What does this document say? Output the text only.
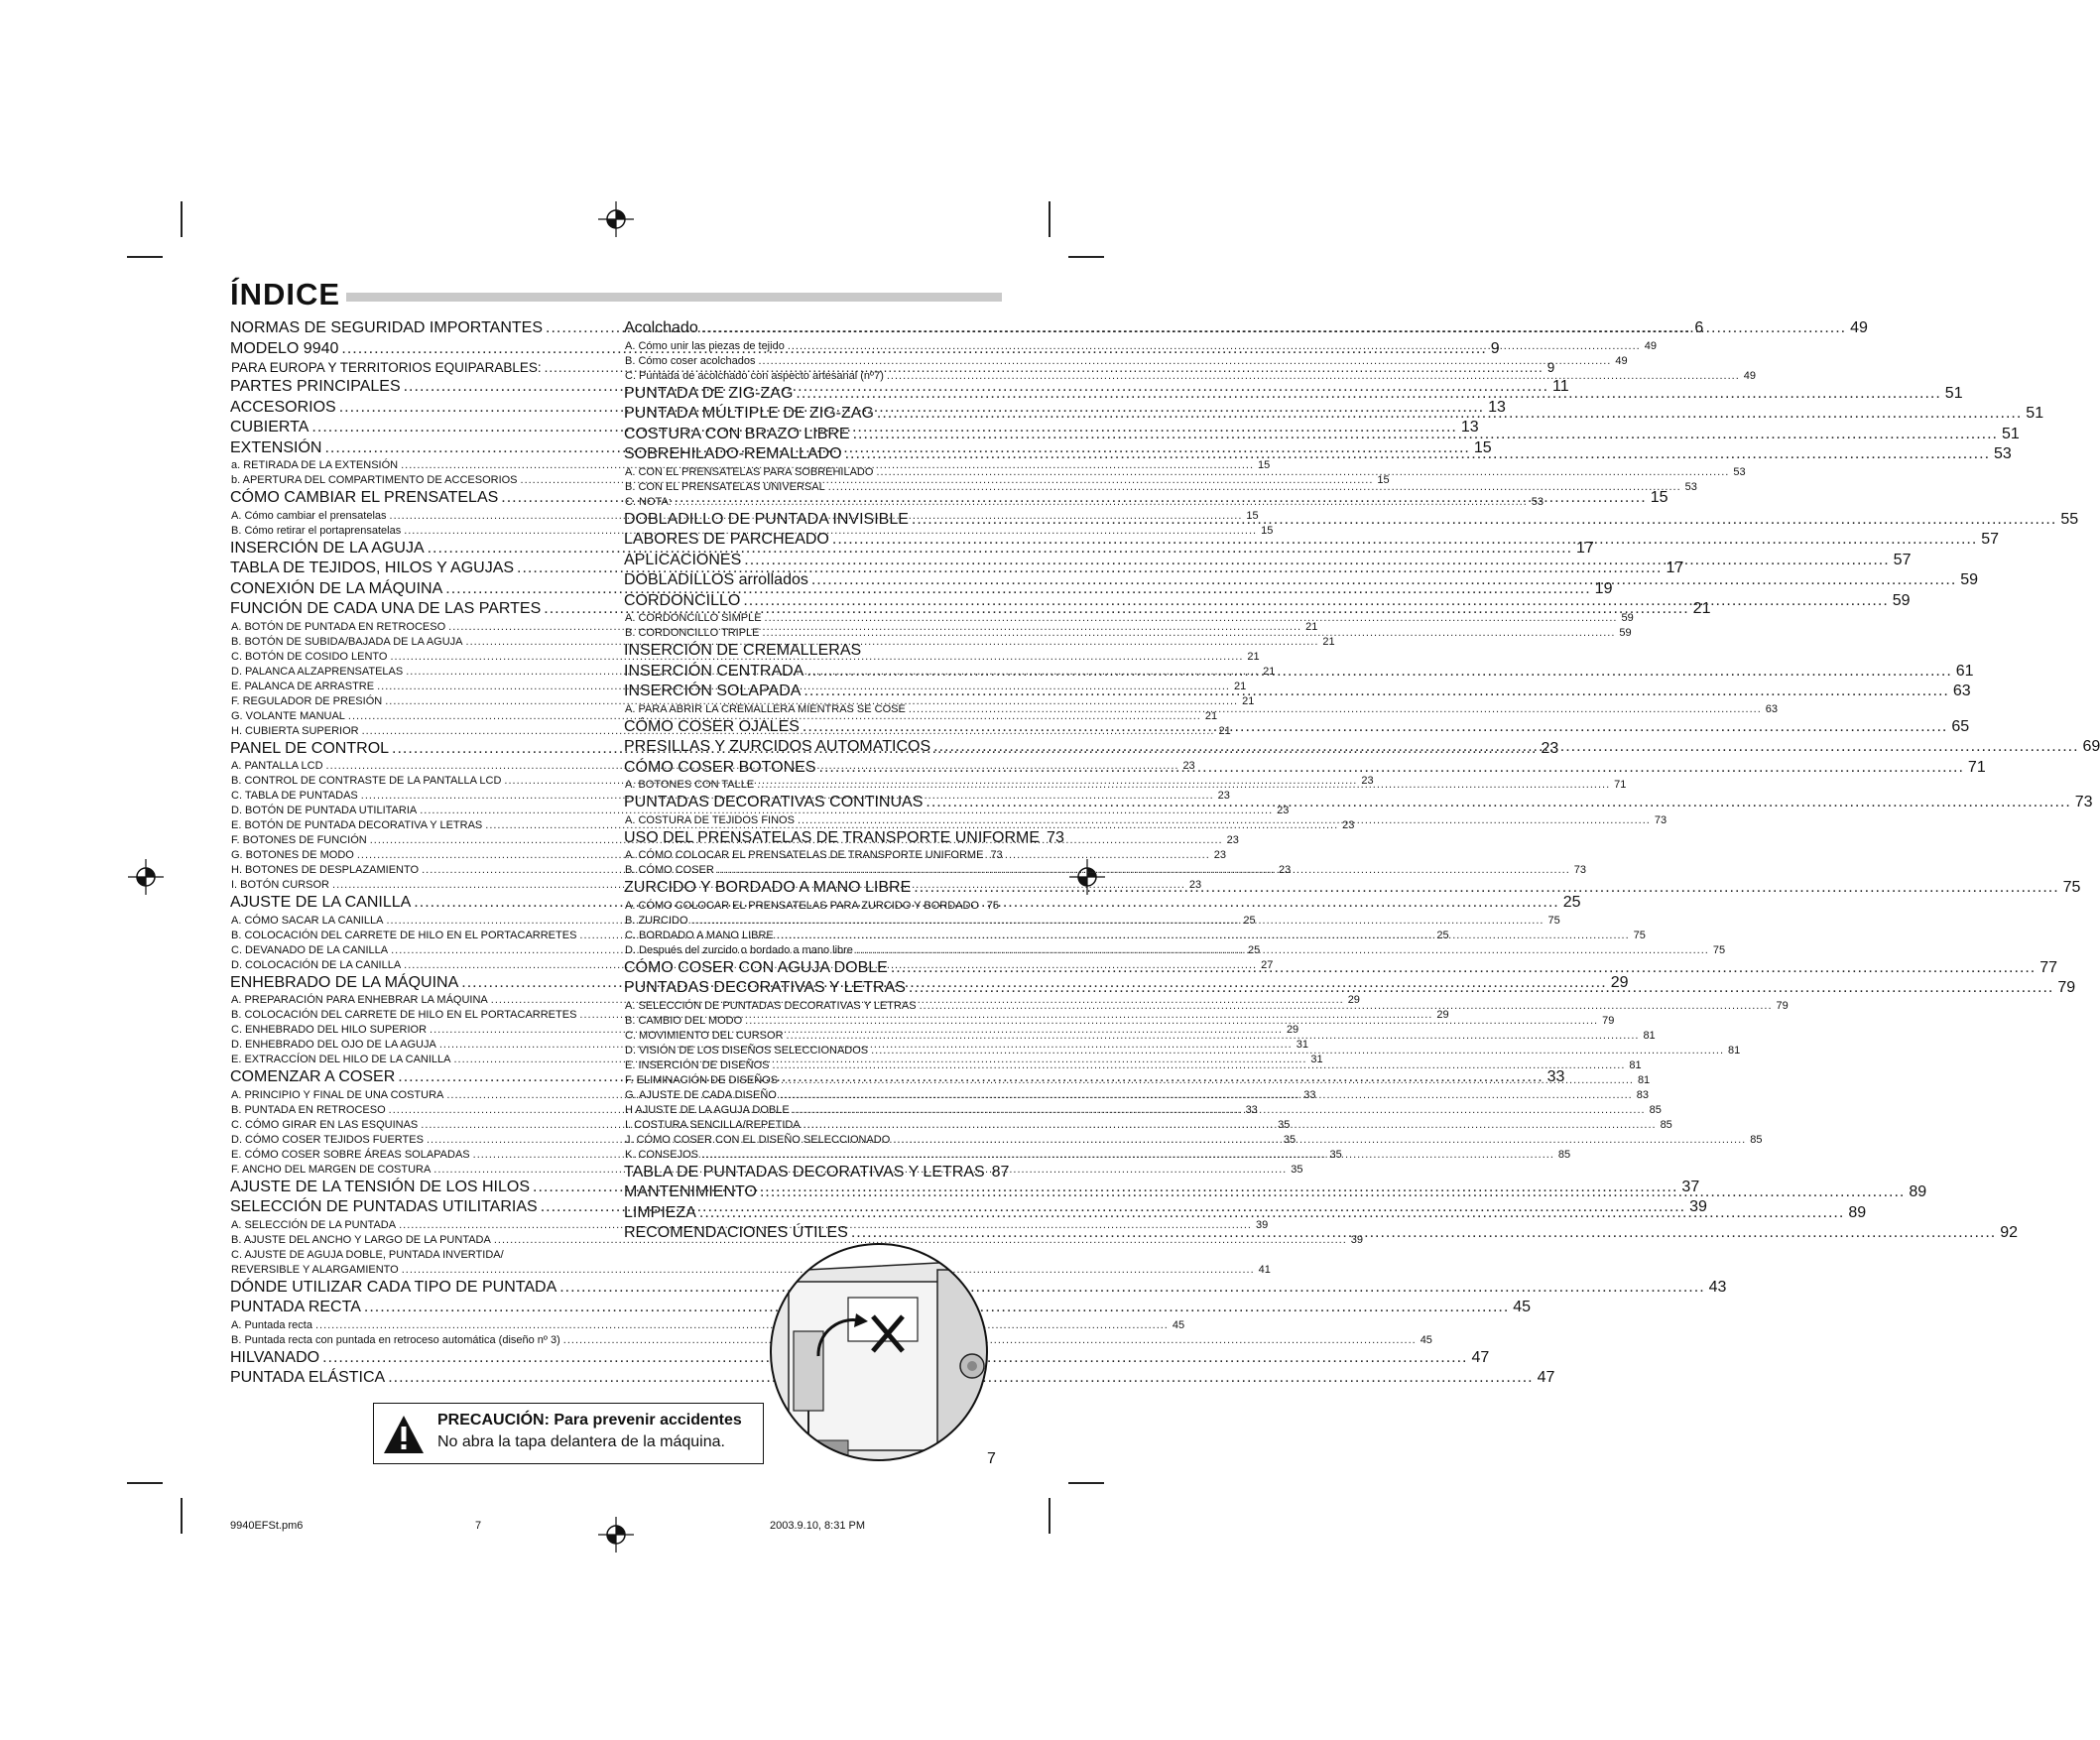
ÍNDICE
NORMAS DE SEGURIDAD IMPORTANTES .....	6
MODELO 9940 .....	9
PARA EUROPA Y TERRITORIOS EQUIPARABLES: .....	9
PARTES PRINCIPALES .....	11
ACCESORIOS .....	13
CUBIERTA .....	13
EXTENSIÓN .....	15
a. RETIRADA DE LA EXTENSIÓN .....	15
b. APERTURA DEL COMPARTIMENTO DE ACCESORIOS .....	15
CÓMO CAMBIAR EL PRENSATELAS .....	15
A. Cómo cambiar el prensatelas .....	15
B. Cómo retirar el portaprensatelas .....	15
INSERCIÓN DE LA AGUJA .....	17
TABLA DE TEJIDOS, HILOS Y AGUJAS .....	17
CONEXIÓN DE LA MÁQUINA .....	19
FUNCIÓN DE CADA UNA DE LAS PARTES .....	21
A. BOTÓN DE PUNTADA EN RETROCESO .....	21
B. BOTÓN DE SUBIDA/BAJADA DE LA AGUJA .....	21
C. BOTÓN DE COSIDO LENTO .....	21
D. PALANCA ALZAPRENSATELAS .....	21
E. PALANCA DE ARRASTRE .....	21
F. REGULADOR DE PRESIÓN .....	21
G. VOLANTE MANUAL .....	21
H. CUBIERTA SUPERIOR .....	21
PANEL DE CONTROL .....	23
A. PANTALLA LCD .....	23
B. CONTROL DE CONTRASTE DE LA PANTALLA LCD .....	23
C. TABLA DE PUNTADAS .....	23
D. BOTÓN DE PUNTADA UTILITARIA .....	23
E. BOTÓN DE PUNTADA DECORATIVA Y LETRAS .....	23
F. BOTONES DE FUNCIÓN .....	23
G. BOTONES DE MODO .....	23
H. BOTONES DE DESPLAZAMIENTO .....	23
I. BOTÓN CURSOR .....	23
AJUSTE DE LA CANILLA .....	25
A. CÓMO SACAR LA CANILLA .....	25
B. COLOCACIÓN DEL CARRETE DE HILO EN EL PORTACARRETES .....	25
C. DEVANADO DE LA CANILLA .....	25
D. COLOCACIÓN DE LA CANILLA .....	27
ENHEBRADO DE LA MÁQUINA .....	29
A. PREPARACIÓN PARA ENHEBRAR LA MÁQUINA .....	29
B. COLOCACIÓN DEL CARRETE DE HILO EN EL PORTACARRETES .....	29
C. ENHEBRADO DEL HILO SUPERIOR .....	29
D. ENHEBRADO DEL OJO DE LA AGUJA .....	31
E. EXTRACCÍON DEL HILO DE LA CANILLA .....	31
COMENZAR A COSER .....	33
A. PRINCIPIO Y FINAL DE UNA COSTURA .....	33
B. PUNTADA EN RETROCESO .....	33
C. CÓMO GIRAR EN LAS ESQUINAS .....	35
D. CÓMO COSER TEJIDOS FUERTES .....	35
E. CÓMO COSER SOBRE ÁREAS SOLAPADAS .....	35
F. ANCHO DEL MARGEN DE COSTURA .....	35
AJUSTE DE LA TENSIÓN DE LOS HILOS .....	37
SELECCIÓN DE PUNTADAS UTILITARIAS .....	39
A. SELECCIÓN DE LA PUNTADA .....	39
B. AJUSTE DEL ANCHO Y LARGO DE LA PUNTADA .....	39
C. AJUSTE DE AGUJA DOBLE, PUNTADA INVERTIDA/
REVERSIBLE Y ALARGAMIENTO .....	41
DÓNDE UTILIZAR CADA TIPO DE PUNTADA .....	43
PUNTADA RECTA .....	45
A. Puntada recta .....	45
B. Puntada recta con puntada en retroceso automática (diseño nº 3) .....	45
HILVANADO .....	47
PUNTADA ELÁSTICA .....	47
Acolchado .....	49
A. Cómo unir las piezas de tejido .....	49
B. Cómo coser acolchados .....	49
C. Puntada de acolchado con aspecto artesanal (nº7) .....	49
PUNTADA DE ZIG-ZAG .....	51
PUNTADA MÚLTIPLE DE ZIG-ZAG .....	51
COSTURA CON BRAZO LIBRE .....	51
SOBREHILADO-REMALLADO .....	53
A. CON EL PRENSATELAS PARA SOBREHILADO .....	53
B. CON EL PRENSATELAS UNIVERSAL .....	53
C. NOTA: .....	53
DOBLADILLO DE PUNTADA INVISIBLE .....	55
LABORES DE PARCHEADO .....	57
APLICACIONES .....	57
DOBLADILLOS arrollados .....	59
CORDONCILLO .....	59
A. CORDONCILLO SIMPLE .....	59
B. CORDONCILLO TRIPLE .....	59
INSERCIÓN DE CREMALLERAS
INSERCIÓN CENTRADA .....	61
INSERCIÓN SOLAPADA .....	63
A. PARA ABRIR LA CREMALLERA MIENTRAS SE COSE .....	63
CÓMO COSER OJALES .....	65
PRESILLAS Y ZURCIDOS AUTOMATICOS .....	69
CÓMO COSER BOTONES .....	71
A. BOTONES CON TALLE .....	71
PUNTADAS DECORATIVAS CONTINUAS .....	73
A. COSTURA DE TEJIDOS FINOS .....	73
USO DEL PRENSATELAS DE TRANSPORTE UNIFORME 73
A. CÓMO COLOCAR EL PRENSATELAS DE TRANSPORTE UNIFORME 73
B. CÓMO COSER .....	73
ZURCIDO Y BORDADO A MANO LIBRE .....	75
A. CÓMO COLOCAR EL PRENSATELAS PARA ZURCIDO Y BORDADO ..... 75
B. ZURCIDO .....	75
C. BORDADO A MANO LIBRE .....	75
D. Después del zurcido o bordado a mano libre .....	75
CÓMO COSER CON AGUJA DOBLE .....	77
PUNTADAS DECORATIVAS Y LETRAS .....	79
A. SELECCIÓN DE PUNTADAS DECORATIVAS Y LETRAS .....	79
B. CAMBIO DEL MODO .....	79
C. MOVIMIENTO DEL CURSOR .....	81
D. VISIÓN DE LOS DISEÑOS SELECCIONADOS .....	81
E. INSERCIÓN DE DISEÑOS .....	81
F. ELIMINACIÓN DE DISEÑOS .....	81
G. AJUSTE DE CADA DISEÑO .....	83
H AJUSTE DE LA AGUJA DOBLE .....	85
I. COSTURA SENCILLA/REPETIDA .....	85
J. CÓMO COSER CON EL DISEÑO SELECCIONADO .....	85
K. CONSEJOS .....	85
TABLA DE PUNTADAS DECORATIVAS Y LETRAS 87
MANTENIMIENTO .....	89
LIMPIEZA .....	89
RECOMENDACIONES ÚTILES .....	92
PRECAUCIÓN: Para prevenir accidentes
No abra la tapa delantera de la máquina.
7
9940EFSt.pm6	7	2003.9.10, 8:31 PM
